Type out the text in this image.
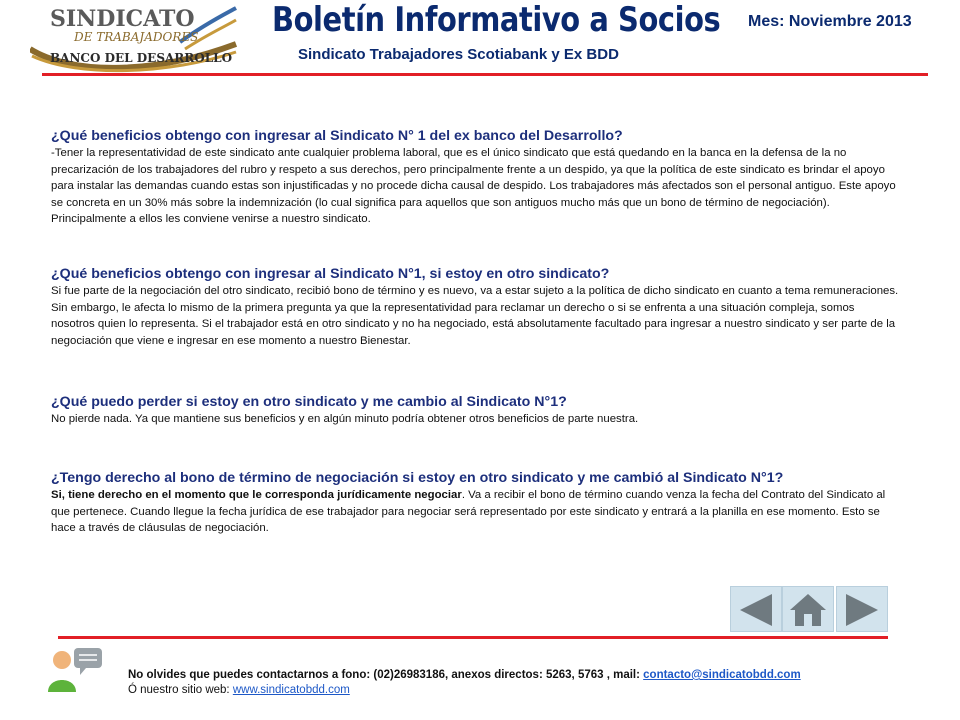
SINDICATO
DE TRABAJADORES
BANCO DEL DESARROLLO
Boletín Informativo a Socios
Sindicato Trabajadores Scotiabank y Ex BDD
Mes: Noviembre 2013
¿Qué beneficios obtengo con ingresar al Sindicato N° 1 del ex banco del Desarrollo?
-Tener la representatividad de este sindicato ante cualquier problema laboral, que es el único sindicato que está quedando en la banca en la defensa de la no precarización de los trabajadores del rubro y respeto a sus derechos, pero principalmente frente a un despido, ya que la política de este sindicato es brindar el apoyo para instalar las demandas cuando estas son injustificadas y no procede dicha causal de despido. Los trabajadores más afectados son el personal antiguo. Este apoyo se concreta en un 30% más sobre la indemnización (lo cual significa para aquellos que son antiguos mucho más que un bono de término de negociación). Principalmente a ellos les conviene venirse a nuestro sindicato.
¿Qué beneficios obtengo con ingresar al Sindicato N°1, si estoy en otro sindicato?
Si fue parte de la negociación del otro sindicato, recibió bono de término y es nuevo, va a estar sujeto a la política de dicho sindicato en cuanto a tema remuneraciones. Sin embargo, le afecta lo mismo de la primera pregunta ya que la representatividad para reclamar un derecho o si se enfrenta a una situación compleja, somos nosotros quien lo representa. Si el trabajador está en otro sindicato y no ha negociado, está absolutamente facultado para ingresar a nuestro sindicato y ser parte de la negociación que viene e ingresar en ese momento a nuestro Bienestar.
¿Qué puedo perder si estoy en otro sindicato y me cambio al Sindicato N°1?
No pierde nada. Ya que mantiene sus beneficios y en algún minuto podría obtener otros beneficios de parte nuestra.
¿Tengo derecho al bono de término de negociación si estoy en otro sindicato y me cambió al Sindicato N°1?
Si, tiene derecho en el momento que le corresponda jurídicamente negociar. Va a recibir el bono de término cuando venza la fecha del Contrato del Sindicato al que pertenece. Cuando llegue la fecha jurídica de ese trabajador para negociar será representado por este sindicato y entrará a la planilla en ese momento. Esto se hace a través de cláusulas de negociación.
No olvides que puedes contactarnos a fono: (02)26983186, anexos directos: 5263, 5763 , mail: contacto@sindicatobdd.com
Ó nuestro sitio web: www.sindicatobdd.com
